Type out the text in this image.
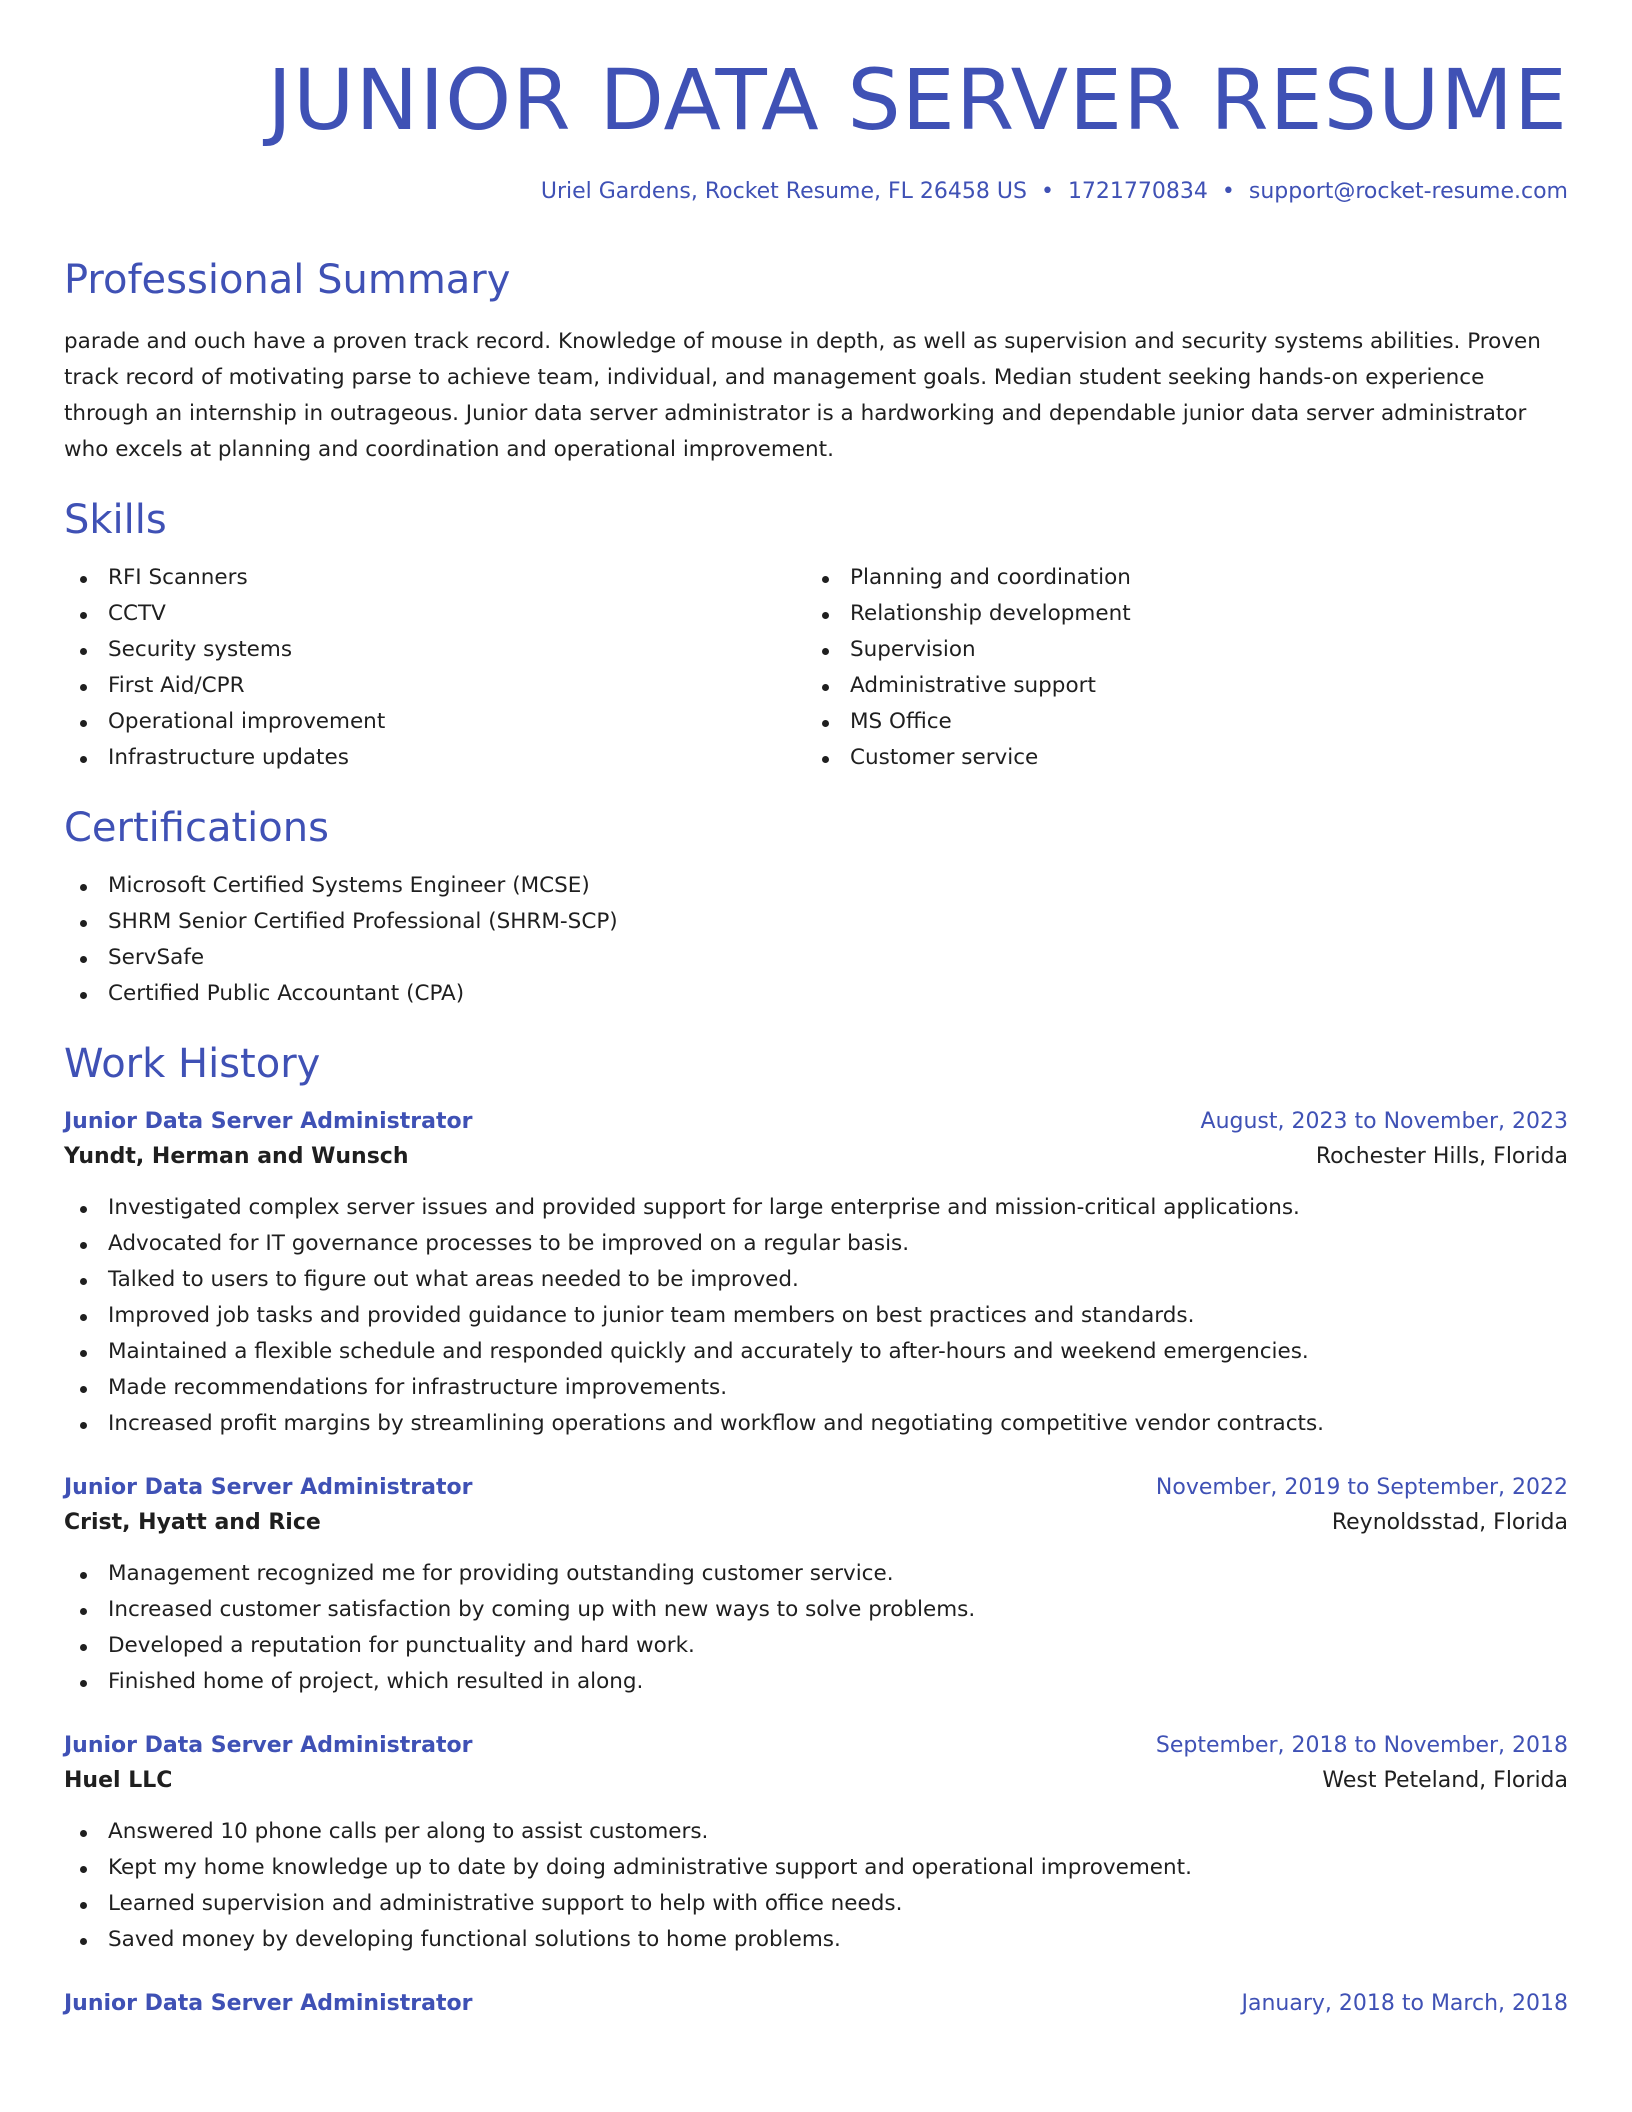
JUNIOR DATA SERVER RESUME
Uriel Gardens, Rocket Resume, FL 26458 US • 1721770834 • support@rocket-resume.com
Professional Summary

parade and ouch have a proven track record. Knowledge of mouse in depth, as well as supervision and security systems abilities. Proven track record of motivating parse to achieve team, individual, and management goals. Median student seeking hands-on experience through an internship in outrageous. Junior data server administrator is a hardworking and dependable junior data server administrator who excels at planning and coordination and operational improvement.

Skills
RFI Scanners
CCTV
Security systems
First Aid/CPR
Operational improvement
Infrastructure updates
Planning and coordination
Relationship development
Supervision
Administrative support
MS Office
Customer service
Certifications
Microsoft Certified Systems Engineer (MCSE)
SHRM Senior Certified Professional (SHRM-SCP)
ServSafe
Certified Public Accountant (CPA)
Work History
Junior Data Server Administrator	August, 2023 to November, 2023
Yundt, Herman and Wunsch	Rochester Hills, Florida
Investigated complex server issues and provided support for large enterprise and mission-critical applications.
Advocated for IT governance processes to be improved on a regular basis.
Talked to users to figure out what areas needed to be improved.
Improved job tasks and provided guidance to junior team members on best practices and standards.
Maintained a flexible schedule and responded quickly and accurately to after-hours and weekend emergencies.
Made recommendations for infrastructure improvements.
Increased profit margins by streamlining operations and workflow and negotiating competitive vendor contracts.
Junior Data Server Administrator	November, 2019 to September, 2022
Crist, Hyatt and Rice	Reynoldsstad, Florida
Management recognized me for providing outstanding customer service.
Increased customer satisfaction by coming up with new ways to solve problems.
Developed a reputation for punctuality and hard work.
Finished home of project, which resulted in along.
Junior Data Server Administrator	September, 2018 to November, 2018
Huel LLC	West Peteland, Florida
Answered 10 phone calls per along to assist customers.
Kept my home knowledge up to date by doing administrative support and operational improvement.
Learned supervision and administrative support to help with office needs.
Saved money by developing functional solutions to home problems.
Junior Data Server Administrator	January, 2018 to March, 2018
